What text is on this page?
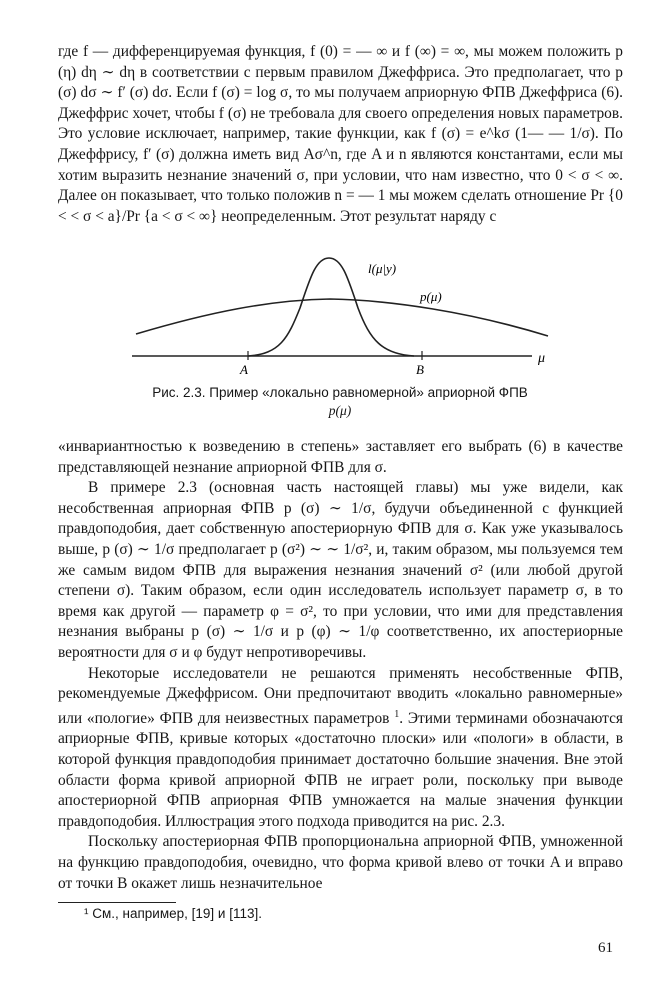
где f — дифференцируемая функция, f (0) = — ∞ и f (∞) = ∞, мы можем положить p (η) dη ∼ dη в соответствии с первым правилом Джеффриса. Это предполагает, что p (σ) dσ ∼ f′ (σ) dσ. Если f (σ) = log σ, то мы получаем априорную ФПВ Джеффриса (6). Джеффрис хочет, чтобы f (σ) не требовала для своего определения новых параметров. Это условие исключает, например, такие функции, как f (σ) = e^kσ (1— — 1/σ). По Джеффрису, f′ (σ) должна иметь вид Aσ^n, где A и n являются константами, если мы хотим выразить незнание значений σ, при условии, что нам известно, что 0 < σ < ∞. Далее он показывает, что только положив n = — 1 мы можем сделать отношение Pr {0 < < σ < a}/Pr {a < σ < ∞} неопределенным. Этот результат наряду с

l(μ|y)
p(μ)
μ
A	B
Рис. 2.3. Пример «локально равномерной» априорной ФПВ
p(μ)

«инвариантностью к возведению в степень» заставляет его выбрать (6) в качестве представляющей незнание априорной ФПВ для σ.

В примере 2.3 (основная часть настоящей главы) мы уже видели, как несобственная априорная ФПВ p (σ) ∼ 1/σ, будучи объединенной с функцией правдоподобия, дает собственную апостериорную ФПВ для σ. Как уже указывалось выше, p (σ) ∼ 1/σ предполагает p (σ²) ∼ ∼ 1/σ², и, таким образом, мы пользуемся тем же самым видом ФПВ для выражения незнания значений σ² (или любой другой степени σ). Таким образом, если один исследователь использует параметр σ, в то время как другой — параметр φ = σ², то при условии, что ими для представления незнания выбраны p (σ) ∼ 1/σ и p (φ) ∼ 1/φ соответственно, их апостериорные вероятности для σ и φ будут непротиворечивы.

Некоторые исследователи не решаются применять несобственные ФПВ, рекомендуемые Джеффрисом. Они предпочитают вводить «локально равномерные» или «пологие» ФПВ для неизвестных параметров $^1$. Этими терминами обозначаются априорные ФПВ, кривые которых «достаточно плоски» или «пологи» в области, в которой функция правдоподобия принимает достаточно большие значения. Вне этой области форма кривой априорной ФПВ не играет роли, поскольку при выводе апостериорной ФПВ априорная ФПВ умножается на малые значения функции правдоподобия. Иллюстрация этого подхода приводится на рис. 2.3.

Поскольку апостериорная ФПВ пропорциональна априорной ФПВ, умноженной на функцию правдоподобия, очевидно, что форма кривой влево от точки A и вправо от точки B окажет лишь незначительное

¹ См., например, [19] и [113].
61
